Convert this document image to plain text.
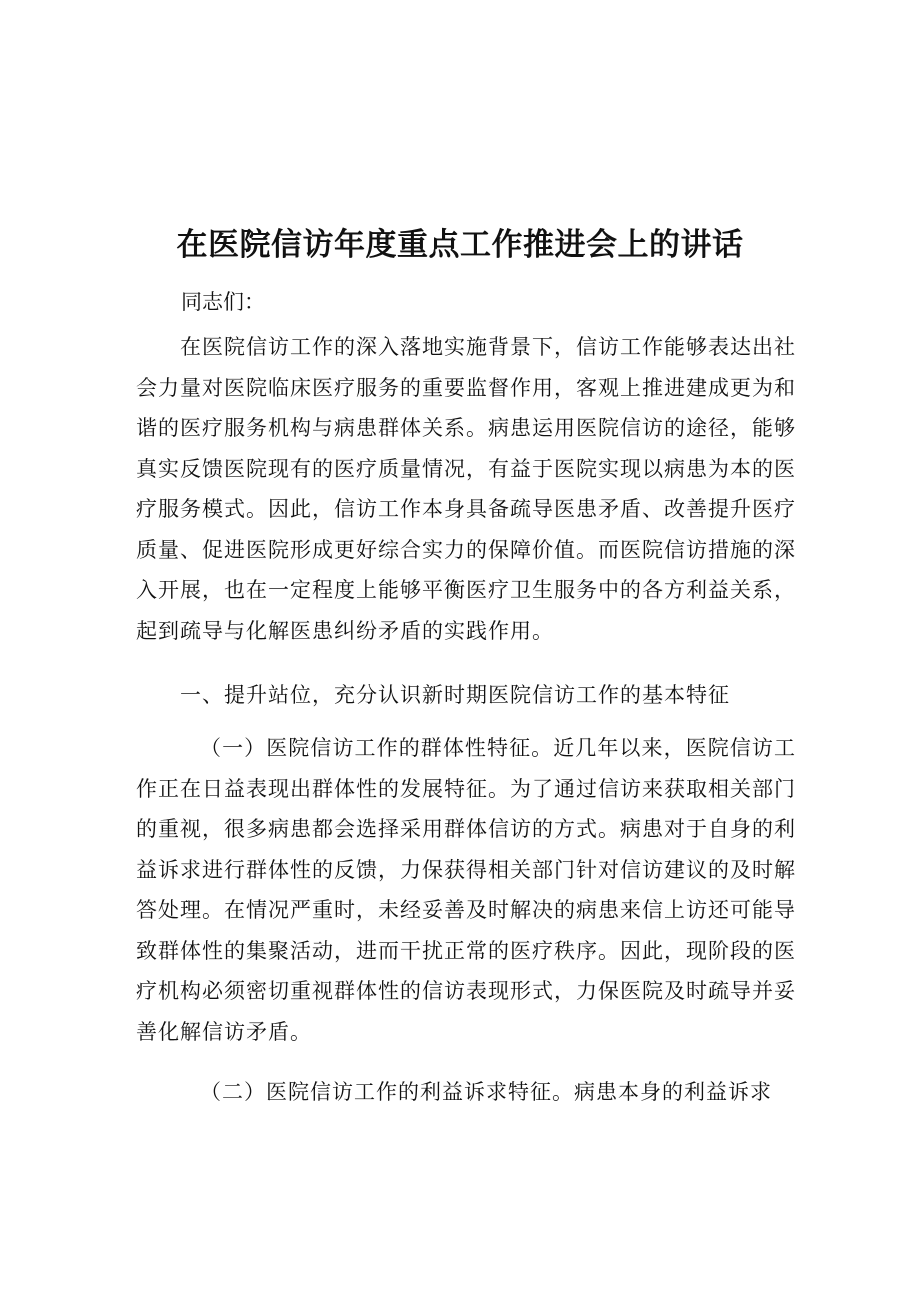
在医院信访年度重点工作推进会上的讲话
同志们：

在医院信访工作的深入落地实施背景下，信访工作能够表达出社会力量对医院临床医疗服务的重要监督作用，客观上推进建成更为和谐的医疗服务机构与病患群体关系。病患运用医院信访的途径，能够真实反馈医院现有的医疗质量情况，有益于医院实现以病患为本的医疗服务模式。因此，信访工作本身具备疏导医患矛盾、改善提升医疗质量、促进医院形成更好综合实力的保障价值。而医院信访措施的深入开展，也在一定程度上能够平衡医疗卫生服务中的各方利益关系，起到疏导与化解医患纠纷矛盾的实践作用。

一、提升站位，充分认识新时期医院信访工作的基本特征

（一）医院信访工作的群体性特征。近几年以来，医院信访工作正在日益表现出群体性的发展特征。为了通过信访来获取相关部门的重视，很多病患都会选择采用群体信访的方式。病患对于自身的利益诉求进行群体性的反馈，力保获得相关部门针对信访建议的及时解答处理。在情况严重时，未经妥善及时解决的病患来信上访还可能导致群体性的集聚活动，进而干扰正常的医疗秩序。因此，现阶段的医疗机构必须密切重视群体性的信访表现形式，力保医院及时疏导并妥善化解信访矛盾。

（二）医院信访工作的利益诉求特征。病患本身的利益诉求
